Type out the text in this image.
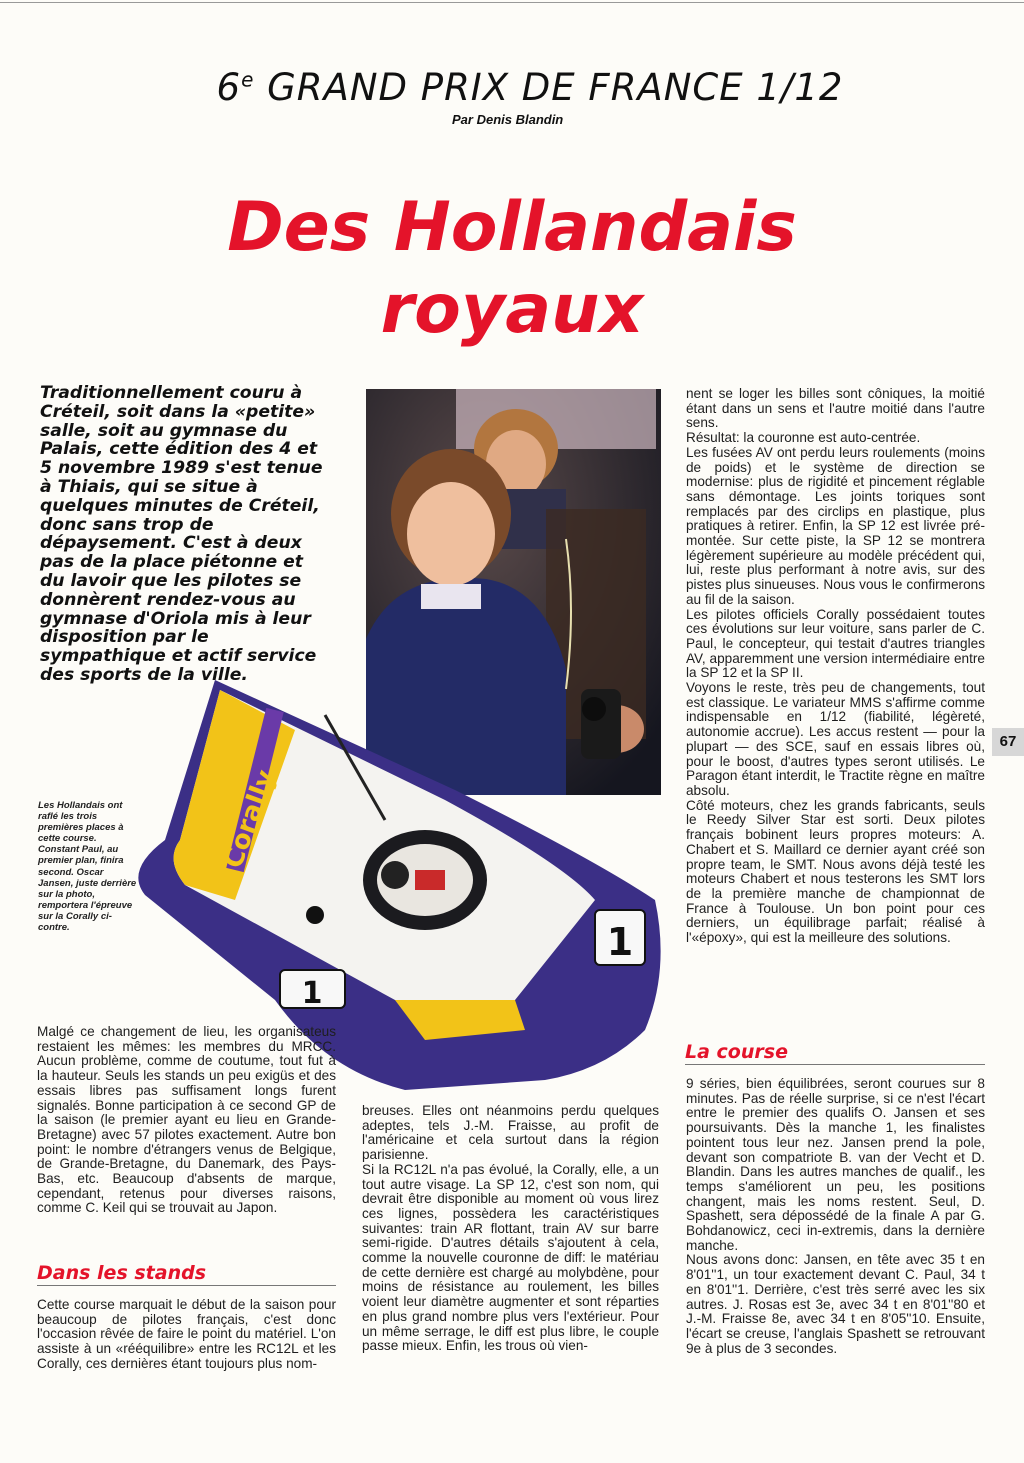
6e GRAND PRIX DE FRANCE 1/12
Par Denis Blandin
Des Hollandais
royaux
Traditionnellement couru à Créteil, soit dans la «petite» salle, soit au gymnase du Palais, cette édition des 4 et 5 novembre 1989 s'est tenue à Thiais, qui se situe à quelques minutes de Créteil, donc sans trop de dépaysement. C'est à deux pas de la place piétonne et du lavoir que les pilotes se donnèrent rendez-vous au gymnase d'Oriola mis à leur disposition par le sympathique et actif service des sports de la ville.
1
1
Corally
Les Hollandais ont raflé les trois premières places à cette course. Constant Paul, au premier plan, finira second. Oscar Jansen, juste derrière sur la photo, remportera l'épreuve sur la Corally ci-contre.

Malgé ce changement de lieu, les organisateus restaient les mêmes: les membres du MRCC. Aucun problème, comme de coutume, tout fut à la hauteur. Seuls les stands un peu exigüs et des essais libres pas suffisament longs furent signalés. Bonne participation à ce second GP de la saison (le premier ayant eu lieu en Grande-Bretagne) avec 57 pilotes exactement. Autre bon point: le nombre d'étrangers venus de Belgique, de Grande-Bretagne, du Danemark, des Pays-Bas, etc. Beaucoup d'absents de marque, cependant, retenus pour diverses raisons, comme C. Keil qui se trouvait au Japon.

Dans les stands

Cette course marquait le début de la saison pour beaucoup de pilotes français, c'est donc l'occasion rêvée de faire le point du matériel. L'on assiste à un «rééquilibre» entre les RC12L et les Corally, ces dernières étant toujours plus nom-

breuses. Elles ont néanmoins perdu quelques adeptes, tels J.-M. Fraisse, au profit de l'américaine et cela surtout dans la région parisienne.

Si la RC12L n'a pas évolué, la Corally, elle, a un tout autre visage. La SP 12, c'est son nom, qui devrait être disponible au moment où vous lirez ces lignes, possèdera les caractéristiques suivantes: train AR flottant, train AV sur barre semi-rigide. D'autres détails s'ajoutent à cela, comme la nouvelle couronne de diff: le matériau de cette dernière est chargé au molybdène, pour moins de résistance au roulement, les billes voient leur diamètre augmenter et sont réparties en plus grand nombre plus vers l'extérieur. Pour un même serrage, le diff est plus libre, le couple passe mieux. Enfin, les trous où vien-

nent se loger les billes sont côniques, la moitié étant dans un sens et l'autre moitié dans l'autre sens.

Résultat: la couronne est auto-centrée.

Les fusées AV ont perdu leurs roulements (moins de poids) et le système de direction se modernise: plus de rigidité et pincement réglable sans démontage. Les joints toriques sont remplacés par des circlips en plastique, plus pratiques à retirer. Enfin, la SP 12 est livrée pré-montée. Sur cette piste, la SP 12 se montrera légèrement supérieure au modèle précédent qui, lui, reste plus performant à notre avis, sur des pistes plus sinueuses. Nous vous le confirmerons au fil de la saison.

Les pilotes officiels Corally possédaient toutes ces évolutions sur leur voiture, sans parler de C. Paul, le concepteur, qui testait d'autres triangles AV, apparemment une version intermédiaire entre la SP 12 et la SP II.

Voyons le reste, très peu de changements, tout est classique. Le variateur MMS s'affirme comme indispensable en 1/12 (fiabilité, légèreté, autonomie accrue). Les accus restent — pour la plupart — des SCE, sauf en essais libres où, pour le boost, d'autres types seront utilisés. Le Paragon étant interdit, le Tractite règne en maître absolu.

Côté moteurs, chez les grands fabricants, seuls le Reedy Silver Star est sorti. Deux pilotes français bobinent leurs propres moteurs: A. Chabert et S. Maillard ce dernier ayant créé son propre team, le SMT. Nous avons déjà testé les moteurs Chabert et nous testerons les SMT lors de la première manche de championnat de France à Toulouse. Un bon point pour ces derniers, un équilibrage parfait; réalisé à l'«époxy», qui est la meilleure des solutions.

La course

9 séries, bien équilibrées, seront courues sur 8 minutes. Pas de réelle surprise, si ce n'est l'écart entre le premier des qualifs O. Jansen et ses poursuivants. Dès la manche 1, les finalistes pointent tous leur nez. Jansen prend la pole, devant son compatriote B. van der Vecht et D. Blandin. Dans les autres manches de qualif., les temps s'améliorent un peu, les positions changent, mais les noms restent. Seul, D. Spashett, sera dépossédé de la finale A par G. Bohdanowicz, ceci in-extremis, dans la dernière manche.

Nous avons donc: Jansen, en tête avec 35 t en 8'01''1, un tour exactement devant C. Paul, 34 t en 8'01''1. Derrière, c'est très serré avec les six autres. J. Rosas est 3e, avec 34 t en 8'01''80 et J.-M. Fraisse 8e, avec 34 t en 8'05''10. Ensuite, l'écart se creuse, l'anglais Spashett se retrouvant 9e à plus de 3 secondes.

67
